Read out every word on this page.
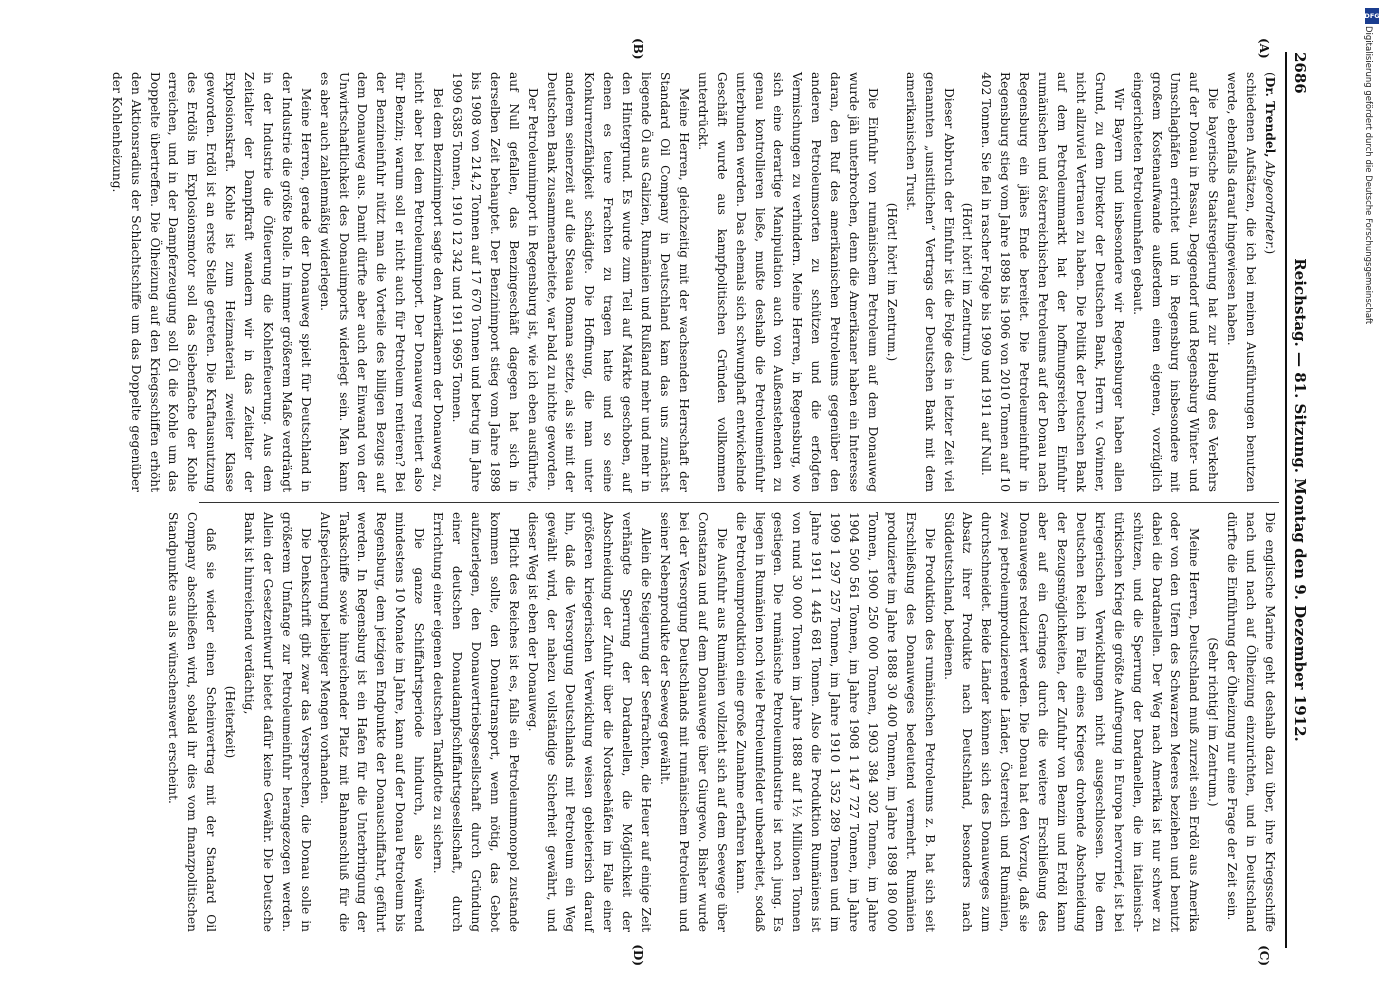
2686
Reichstag. — 81. Sitzung. Montag den 9. Dezember 1912.
(A)
(B)
(C)
(D)

(Dr. Trendel, Abgeordneter.)

schiedenen Aufsätzen, die ich bei meinen Ausführungen benutzen werde, ebenfalls darauf hingewiesen haben.

Die bayerische Staatsregierung hat zur Hebung des Verkehrs auf der Donau in Passau, Deggendorf und Regensburg Winter- und Umschlaghäfen errichtet und in Regensburg insbesondere mit großem Kostenaufwande außerdem einen eigenen, vorzüglich eingerichteten Petroleumhafen gebaut.

Wir Bayern und insbesondere wir Regensburger haben allen Grund, zu dem Direktor der Deutschen Bank, Herrn v. Gwinner, nicht allzuviel Vertrauen zu haben. Die Politik der Deutschen Bank auf dem Petroleummarkt hat der hoffnungsreichen Einfuhr rumänischen und österreichischen Petroleums auf der Donau nach Regensburg ein jähes Ende bereitet. Die Petroleumeinfuhr in Regensburg stieg vom Jahre 1898 bis 1906 von 2010 Tonnen auf 10 402 Tonnen. Sie fiel in rascher Folge bis 1909 und 1911 auf Null.

(Hört! hört! im Zentrum.)

Dieser Abbruch der Einfuhr ist die Folge des in letzter Zeit viel genannten „unsittlichen“ Vertrags der Deutschen Bank mit dem amerikanischen Trust.

(Hört! hört! im Zentrum.)

Die Einfuhr von rumänischem Petroleum auf dem Donauweg wurde jäh unterbrochen, denn die Amerikaner haben ein Interesse daran, den Ruf des amerikanischen Petroleums gegenüber den anderen Petroleumsorten zu schützen und die erfolgten Vermischungen zu verhindern. Meine Herren, in Regensburg, wo sich eine derartige Manipulation auch von Außenstehenden zu genau kontrollieren ließe, mußte deshalb die Petroleumeinfuhr unterbunden werden. Das ehemals sich schwunghaft entwickelnde Geschäft wurde aus kampfpolitischen Gründen vollkommen unterdrückt.

Meine Herren, gleichzeitig mit der wachsenden Herrschaft der Standard Oil Company in Deutschland kam das uns zunächst liegende Öl aus Galizien, Rumänien und Rußland mehr und mehr in den Hintergrund. Es wurde zum Teil auf Märkte geschoben, auf denen es teure Frachten zu tragen hatte und so seine Konkurrenzfähigkeit schädigte. Die Hoffnung, die man unter anderem seinerzeit auf die Steaua Romana setzte, als sie mit der Deutschen Bank zusammenarbeitete, war bald zu nichte geworden.

Der Petroleumimport in Regensburg ist, wie ich eben ausführte, auf Null gefallen, das Benzingeschäft dagegen hat sich in derselben Zeit behauptet. Der Benzinimport stieg vom Jahre 1898 bis 1908 von 214,2 Tonnen auf 17 670 Tonnen und betrug im Jahre 1909 6385 Tonnen, 1910 12 342 und 1911 9695 Tonnen.

Bei dem Benzinimport sagte den Amerikanern der Donauweg zu, nicht aber bei dem Petroleumimport. Der Donauweg rentiert also für Benzin; warum soll er nicht auch für Petroleum rentieren? Bei der Benzineinfuhr nützt man die Vorteile des billigen Bezugs auf dem Donauweg aus. Damit dürfte aber auch der Einwand von der Unwirtschaftlichkeit des Donauimports widerlegt sein. Man kann es aber auch zahlenmäßig widerlegen.

Meine Herren, gerade der Donauweg spielt für Deutschland in der Industrie die größte Rolle. In immer größerem Maße verdrängt in der Industrie die Ölfeuerung die Kohlenfeuerung. Aus dem Zeitalter der Dampfkraft wandern wir in das Zeitalter der Explosionskraft. Kohle ist zum Heizmaterial zweiter Klasse geworden. Erdöl ist an erste Stelle getreten. Die Kraftausnutzung des Erdöls im Explosionsmotor soll das Siebenfache der Kohle erreichen, und in der Dampferzeugung soll Öl die Kohle um das Doppelte übertreffen. Die Ölheizung auf den Kriegsschiffen erhöht den Aktionsradius der Schlachtschiffe um das Doppelte gegenüber der Kohlenheizung.

Die englische Marine geht deshalb dazu über, ihre Kriegsschiffe nach und nach auf Ölheizung einzurichten, und in Deutschland dürfte die Einführung der Ölheizung nur eine Frage der Zeit sein.

(Sehr richtig! im Zentrum.)

Meine Herren, Deutschland muß zurzeit sein Erdöl aus Amerika oder von den Ufern des Schwarzen Meeres beziehen und benutzt dabei die Dardanellen. Der Weg nach Amerika ist nur schwer zu schützen, und die Sperrung der Dardanellen, die im italienisch-türkischen Krieg die größte Aufregung in Europa hervorrief, ist bei kriegerischen Verwicklungen nicht ausgeschlossen. Die dem Deutschen Reich im Falle eines Krieges drohende Abschneidung der Bezugsmöglichkeiten, der Zufuhr von Benzin und Erdöl kann aber auf ein Geringes durch die weitere Erschließung des Donauweges reduziert werden. Die Donau hat den Vorzug, daß sie zwei petroleumproduzierende Länder, Österreich und Rumänien, durchschneidet. Beide Länder können sich des Donauweges zum Absatz ihrer Produkte nach Deutschland, besonders nach Süddeutschland, bedienen.

Die Produktion des rumänischen Petroleums z. B. hat sich seit Erschließung des Donauweges bedeutend vermehrt. Rumänien produzierte im Jahre 1888 30 400 Tonnen, im Jahre 1898 180 000 Tonnen, 1900 250 000 Tonnen, 1903 384 302 Tonnen, im Jahre 1904 500 561 Tonnen, im Jahre 1908 1 147 727 Tonnen, im Jahre 1909 1 297 257 Tonnen, im Jahre 1910 1 352 289 Tonnen und im Jahre 1911 1 445 681 Tonnen. Also die Produktion Rumäniens ist von rund 30 000 Tonnen im Jahre 1888 auf 1½ Millionen Tonnen gestiegen. Die rumänische Petroleumindustrie ist noch jung. Es liegen in Rumänien noch viele Petroleumfelder unbearbeitet, sodaß die Petroleumproduktion eine große Zunahme erfahren kann.

Die Ausfuhr aus Rumänien vollzieht sich auf dem Seewege über Constanza und auf dem Donauwege über Giurgewo. Bisher wurde bei der Versorgung Deutschlands mit rumänischem Petroleum und seiner Nebenprodukte der Seeweg gewählt.

Allein die Steigerung der Seefrachten, die Heuer auf einige Zeit verhängte Sperrung der Dardanellen, die Möglichkeit der Abschneidung der Zufuhr über die Nordseehäfen im Falle einer größeren kriegerischen Verwicklung weisen gebieterisch darauf hin, daß die Versorgung Deutschlands mit Petroleum ein Weg gewählt wird, der nahezu vollständige Sicherheit gewährt, und dieser Weg ist eben der Donauweg.

Pflicht des Reiches ist es, falls ein Petroleummonopol zustande kommen sollte, den Donautransport, wenn nötig, das Gebot aufzuerlegen, den Donauvertriebsgesellschaft durch Gründung einer deutschen Donaudampfschiffahrtsgesellschaft, durch Errichtung einer eigenen deutschen Tankflotte zu sichern.

Die ganze Schiffahrtsperiode hindurch, also während mindestens 10 Monate im Jahre, kann auf der Donau Petroleum bis Regensburg, dem jetzigen Endpunkte der Donauschiffahrt, geführt werden. In Regensburg ist ein Hafen für die Unterbringung der Tankschiffe sowie hinreichender Platz mit Bahnanschluß für die Aufspeicherung beliebiger Mengen vorhanden.

Die Denkschrift gibt zwar das Versprechen, die Donau solle in größerem Umfange zur Petroleumeinfuhr herangezogen werden. Allein der Gesetzentwurf bietet dafür keine Gewähr. Die Deutsche Bank ist hinreichend verdächtig,

(Heiterkeit)

daß sie wieder einen Scheinvertrag mit der Standard Oil Company abschließen wird, sobald ihr dies vom finanzpolitischen Standpunkte aus als wünschenswert erscheint.

DFG
Digitalisierung gefördert durch die Deutsche Forschungsgemeinschaft
